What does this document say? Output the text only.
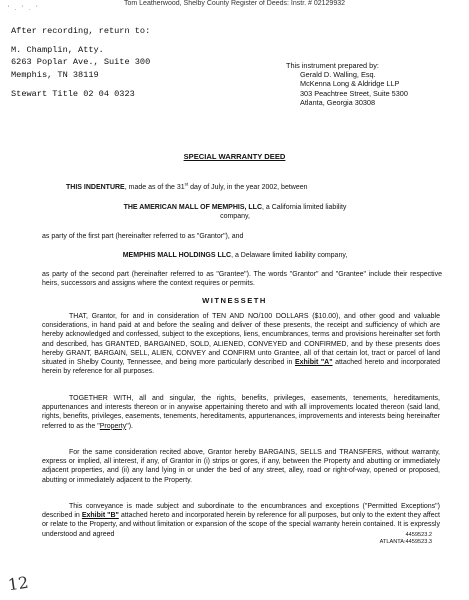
Tom Leatherwood, Shelby County Register of Deeds: Instr. # 02129932
' . ' . '
After recording, return to:
M. Champlin, Atty.
6263 Poplar Ave., Suite 300
Memphis, TN 38119
Stewart Title 02 04 0323
This instrument prepared by:
Gerald D. Walling, Esq.
McKenna Long & Aldridge LLP
303 Peachtree Street, Suite 5300
Atlanta, Georgia 30308
SPECIAL WARRANTY DEED
THIS INDENTURE, made as of the 31st day of July, in the year 2002, between
THE AMERICAN MALL OF MEMPHIS, LLC, a California limited liability
company,
as party of the first part (hereinafter referred to as "Grantor"), and
MEMPHIS MALL HOLDINGS LLC, a Delaware limited liability company,
as party of the second part (hereinafter referred to as "Grantee"). The words "Grantor" and "Grantee" include their respective heirs, successors and assigns where the context requires or permits.
WITNESSETH
THAT, Grantor, for and in consideration of TEN AND NO/100 DOLLARS ($10.00), and other good and valuable considerations, in hand paid at and before the sealing and deliver of these presents, the receipt and sufficiency of which are hereby acknowledged and confessed, subject to the exceptions, liens, encumbrances, terms and provisions hereinafter set forth and described, has GRANTED, BARGAINED, SOLD, ALIENED, CONVEYED and CONFIRMED, and by these presents does hereby GRANT, BARGAIN, SELL, ALIEN, CONVEY and CONFIRM unto Grantee, all of that certain lot, tract or parcel of land situated in Shelby County, Tennessee, and being more particularly described in Exhibit "A" attached hereto and incorporated herein by reference for all purposes.
TOGETHER WITH, all and singular, the rights, benefits, privileges, easements, tenements, hereditaments, appurtenances and interests thereon or in anywise appertaining thereto and with all improvements located thereon (said land, rights, benefits, privileges, easements, tenements, hereditaments, appurtenances, improvements and interests being hereinafter referred to as the "Property").
For the same consideration recited above, Grantor hereby BARGAINS, SELLS and TRANSFERS, without warranty, express or implied, all interest, if any, of Grantor in (i) strips or gores, if any, between the Property and abutting or immediately adjacent properties, and (ii) any land lying in or under the bed of any street, alley, road or right-of-way, opened or proposed, abutting or immediately adjacent to the Property.
This conveyance is made subject and subordinate to the encumbrances and exceptions ("Permitted Exceptions") described in Exhibit "B" attached hereto and incorporated herein by reference for all purposes, but only to the extent they affect or relate to the Property, and without limitation or expansion of the scope of the special warranty herein contained. It is expressly understood and agreed	4459523.2
ATLANTA:4459523.3
12
